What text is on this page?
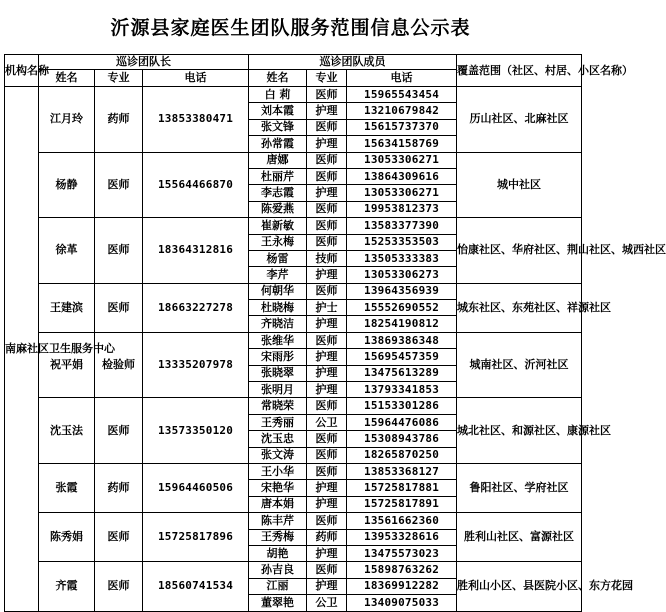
沂源县家庭医生团队服务范围信息公示表
机构名称	巡诊团队长			巡诊团队成员			覆盖范围（社区、村居、小区名称）
	姓名	专业	电话	姓名	专业	电话	
南麻社区卫生服务中心	江月玲	药师	13853380471	白 莉	医师	15965543454	历山社区、北麻社区
				刘本霞	护理	13210679842	
				张文锋	医师	15615737370	
				孙常霞	护理	15634158769	
	杨静	医师	15564466870	唐娜	医师	13053306271	城中社区
				杜丽芹	医师	13864309616	
				李志霞	护理	13053306271	
				陈爱燕	医师	19953812373	
	徐革	医师	18364312816	崔新敏	医师	13583377390	怡康社区、华府社区、荆山社区、城西社区
				王永梅	医师	15253353503	
				杨雷	技师	13505333383	
				李芹	护理	13053306273	
	王建滨	医师	18663227278	何朝华	医师	13964356939	城东社区、东苑社区、祥源社区
				杜晓梅	护士	15552690552	
				齐晓洁	护理	18254190812	
	祝平娟	检验师	13335207978	张维华	医师	13869386348	城南社区、沂河社区
				宋雨彤	护理	15695457359	
				张晓翠	护理	13475613289	
				张明月	护理	13793341853	
	沈玉法	医师	13573350120	常晓荣	医师	15153301286	城北社区、和源社区、康源社区
				王秀丽	公卫	15964476086	
				沈玉忠	医师	15308943786	
				张文涛	医师	18265870250	
	张霞	药师	15964460506	王小华	医师	13853368127	鲁阳社区、学府社区
				宋艳华	护理	15725817881	
				唐本娟	护理	15725817891	
	陈秀娟	医师	15725817896	陈丰芹	医师	13561662360	胜利山社区、富源社区
				王秀梅	药师	13953328616	
				胡艳	护理	13475573023	
	齐霞	医师	18560741534	孙吉良	医师	15898763262	胜利山小区、县医院小区、东方花园
				江丽	护理	18369912282	
				董翠艳	公卫	13409075033	
